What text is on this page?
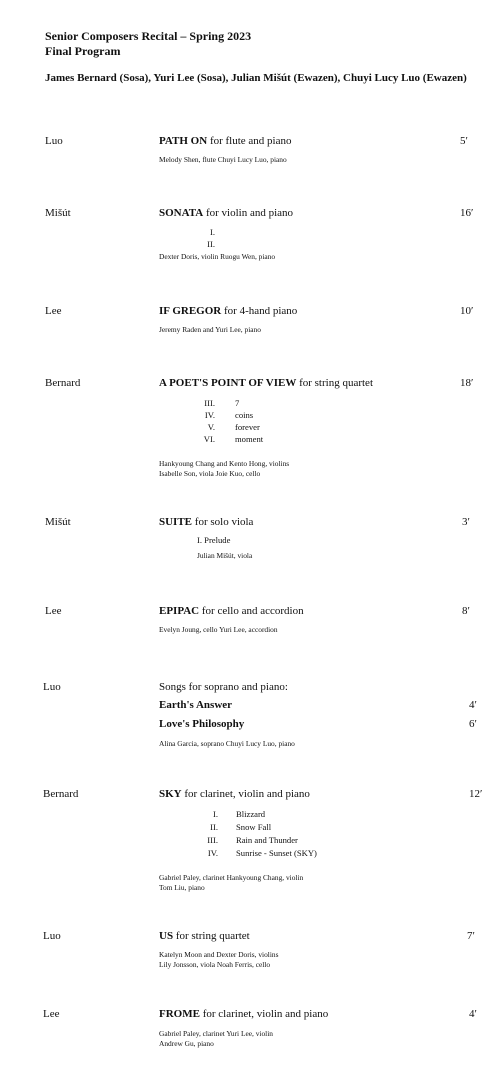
Senior Composers Recital – Spring 2023
Final Program
James Bernard (Sosa), Yuri Lee (Sosa), Julian Mišút (Ewazen), Chuyi Lucy Luo (Ewazen)
Luo	PATH ON for flute and piano	5′
Melody Shen, flute Chuyi Lucy Luo, piano
Mišút	SONATA for violin and piano	16′
I.
II.
Dexter Doris, violin Ruogu Wen, piano
Lee	IF GREGOR for 4-hand piano	10′
Jeremy Raden and Yuri Lee, piano
Bernard	A POET'S POINT OF VIEW for string quartet	18′
III. 7
IV. coins
V. forever
VI. moment
Hankyoung Chang and Kento Hong, violins
Isabelle Son, viola Joie Kuo, cello
Mišút	SUITE for solo viola	3′
I. Prelude
Julian Mišút, viola
Lee	EPIPAC for cello and accordion	8′
Evelyn Joung, cello Yuri Lee, accordion
Luo	Songs for soprano and piano:
Earth's Answer	4′
Love's Philosophy	6′
Alina Garcia, soprano Chuyi Lucy Luo, piano
Bernard	SKY for clarinet, violin and piano	12′
I. Blizzard
II. Snow Fall
III. Rain and Thunder
IV. Sunrise - Sunset (SKY)
Gabriel Paley, clarinet Hankyoung Chang, violin
Tom Liu, piano
Luo	US for string quartet	7′
Katelyn Moon and Dexter Doris, violins
Lily Jonsson, viola Noah Ferris, cello
Lee	FROME for clarinet, violin and piano	4′
Gabriel Paley, clarinet Yuri Lee, violin
Andrew Gu, piano
